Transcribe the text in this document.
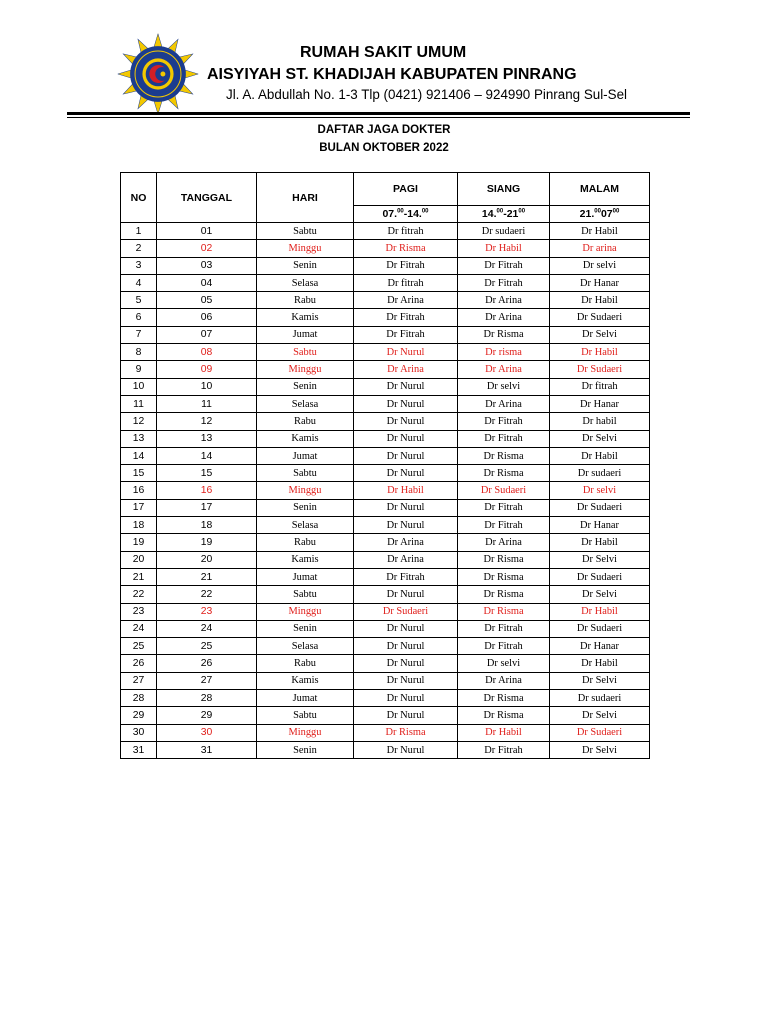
RUMAH SAKIT UMUM
AISYIYAH ST. KHADIJAH KABUPATEN PINRANG
Jl. A. Abdullah No. 1-3 Tlp (0421) 921406 – 924990 Pinrang Sul-Sel
DAFTAR JAGA DOKTER
BULAN OKTOBER 2022
NO	TANGGAL	HARI	PAGI	SIANG	MALAM
			07.00-14.00	$14.00-21^{00}$	$21.0007^{00}$
1	01	Sabtu	Dr fitrah	Dr sudaeri	Dr Habil
2	02	Minggu	Dr Risma	Dr Habil	Dr arina
3	03	Senin	Dr Fitrah	Dr Fitrah	Dr selvi
4	04	Selasa	Dr fitrah	Dr Fitrah	Dr Hanar
5	05	Rabu	Dr Arina	Dr Arina	Dr Habil
6	06	Kamis	Dr Fitrah	Dr Arina	Dr Sudaeri
7	07	Jumat	Dr Fitrah	Dr Risma	Dr Selvi
8	08	Sabtu	Dr Nurul	Dr risma	Dr Habil
9	09	Minggu	Dr Arina	Dr Arina	Dr Sudaeri
10	10	Senin	Dr Nurul	Dr selvi	Dr fitrah
11	11	Selasa	Dr Nurul	Dr Arina	Dr Hanar
12	12	Rabu	Dr Nurul	Dr Fitrah	Dr habil
13	13	Kamis	Dr Nurul	Dr Fitrah	Dr Selvi
14	14	Jumat	Dr Nurul	Dr Risma	Dr Habil
15	15	Sabtu	Dr Nurul	Dr Risma	Dr sudaeri
16	16	Minggu	Dr Habil	Dr Sudaeri	Dr selvi
17	17	Senin	Dr Nurul	Dr Fitrah	Dr Sudaeri
18	18	Selasa	Dr Nurul	Dr Fitrah	Dr Hanar
19	19	Rabu	Dr Arina	Dr Arina	Dr Habil
20	20	Kamis	Dr Arina	Dr Risma	Dr Selvi
21	21	Jumat	Dr Fitrah	Dr Risma	Dr Sudaeri
22	22	Sabtu	Dr Nurul	Dr Risma	Dr Selvi
23	23	Minggu	Dr Sudaeri	Dr Risma	Dr Habil
24	24	Senin	Dr Nurul	Dr Fitrah	Dr Sudaeri
25	25	Selasa	Dr Nurul	Dr Fitrah	Dr Hanar
26	26	Rabu	Dr Nurul	Dr selvi	Dr Habil
27	27	Kamis	Dr Nurul	Dr Arina	Dr Selvi
28	28	Jumat	Dr Nurul	Dr Risma	Dr sudaeri
29	29	Sabtu	Dr Nurul	Dr Risma	Dr Selvi
30	30	Minggu	Dr Risma	Dr Habil	Dr Sudaeri
31	31	Senin	Dr Nurul	Dr Fitrah	Dr Selvi
